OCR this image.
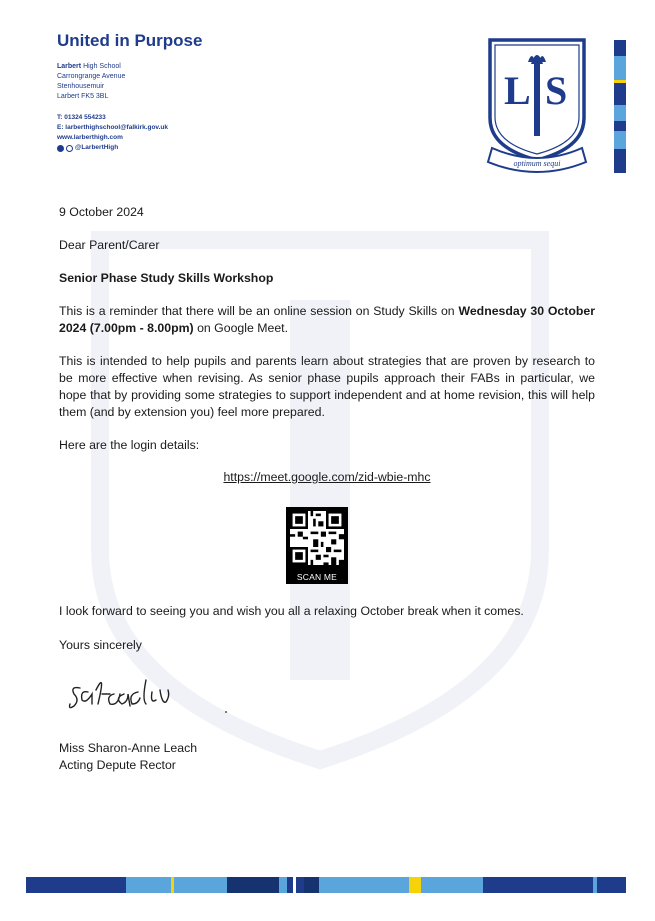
United in Purpose
Larbert High School
Carrongrange Avenue
Stenhousemuir
Larbert FK5 3BL
T: 01324 554233
E: larberthighschool@falkirk.gov.uk
www.larberthigh.com
@LarbertHigh
L S
optimum sequi
9 October 2024
Dear Parent/Carer
Senior Phase Study Skills Workshop
This is a reminder that there will be an online session on Study Skills on Wednesday 30 October 2024 (7.00pm - 8.00pm) on Google Meet.
This is intended to help pupils and parents learn about strategies that are proven by research to be more effective when revising. As senior phase pupils approach their FABs in particular, we hope that by providing some strategies to support independent and at home revision, this will help them (and by extension you) feel more prepared.
Here are the login details:
https://meet.google.com/zid-wbie-mhc
SCAN ME
I look forward to seeing you and wish you all a relaxing October break when it comes.
Yours sincerely
Miss Sharon-Anne Leach
Acting Depute Rector
